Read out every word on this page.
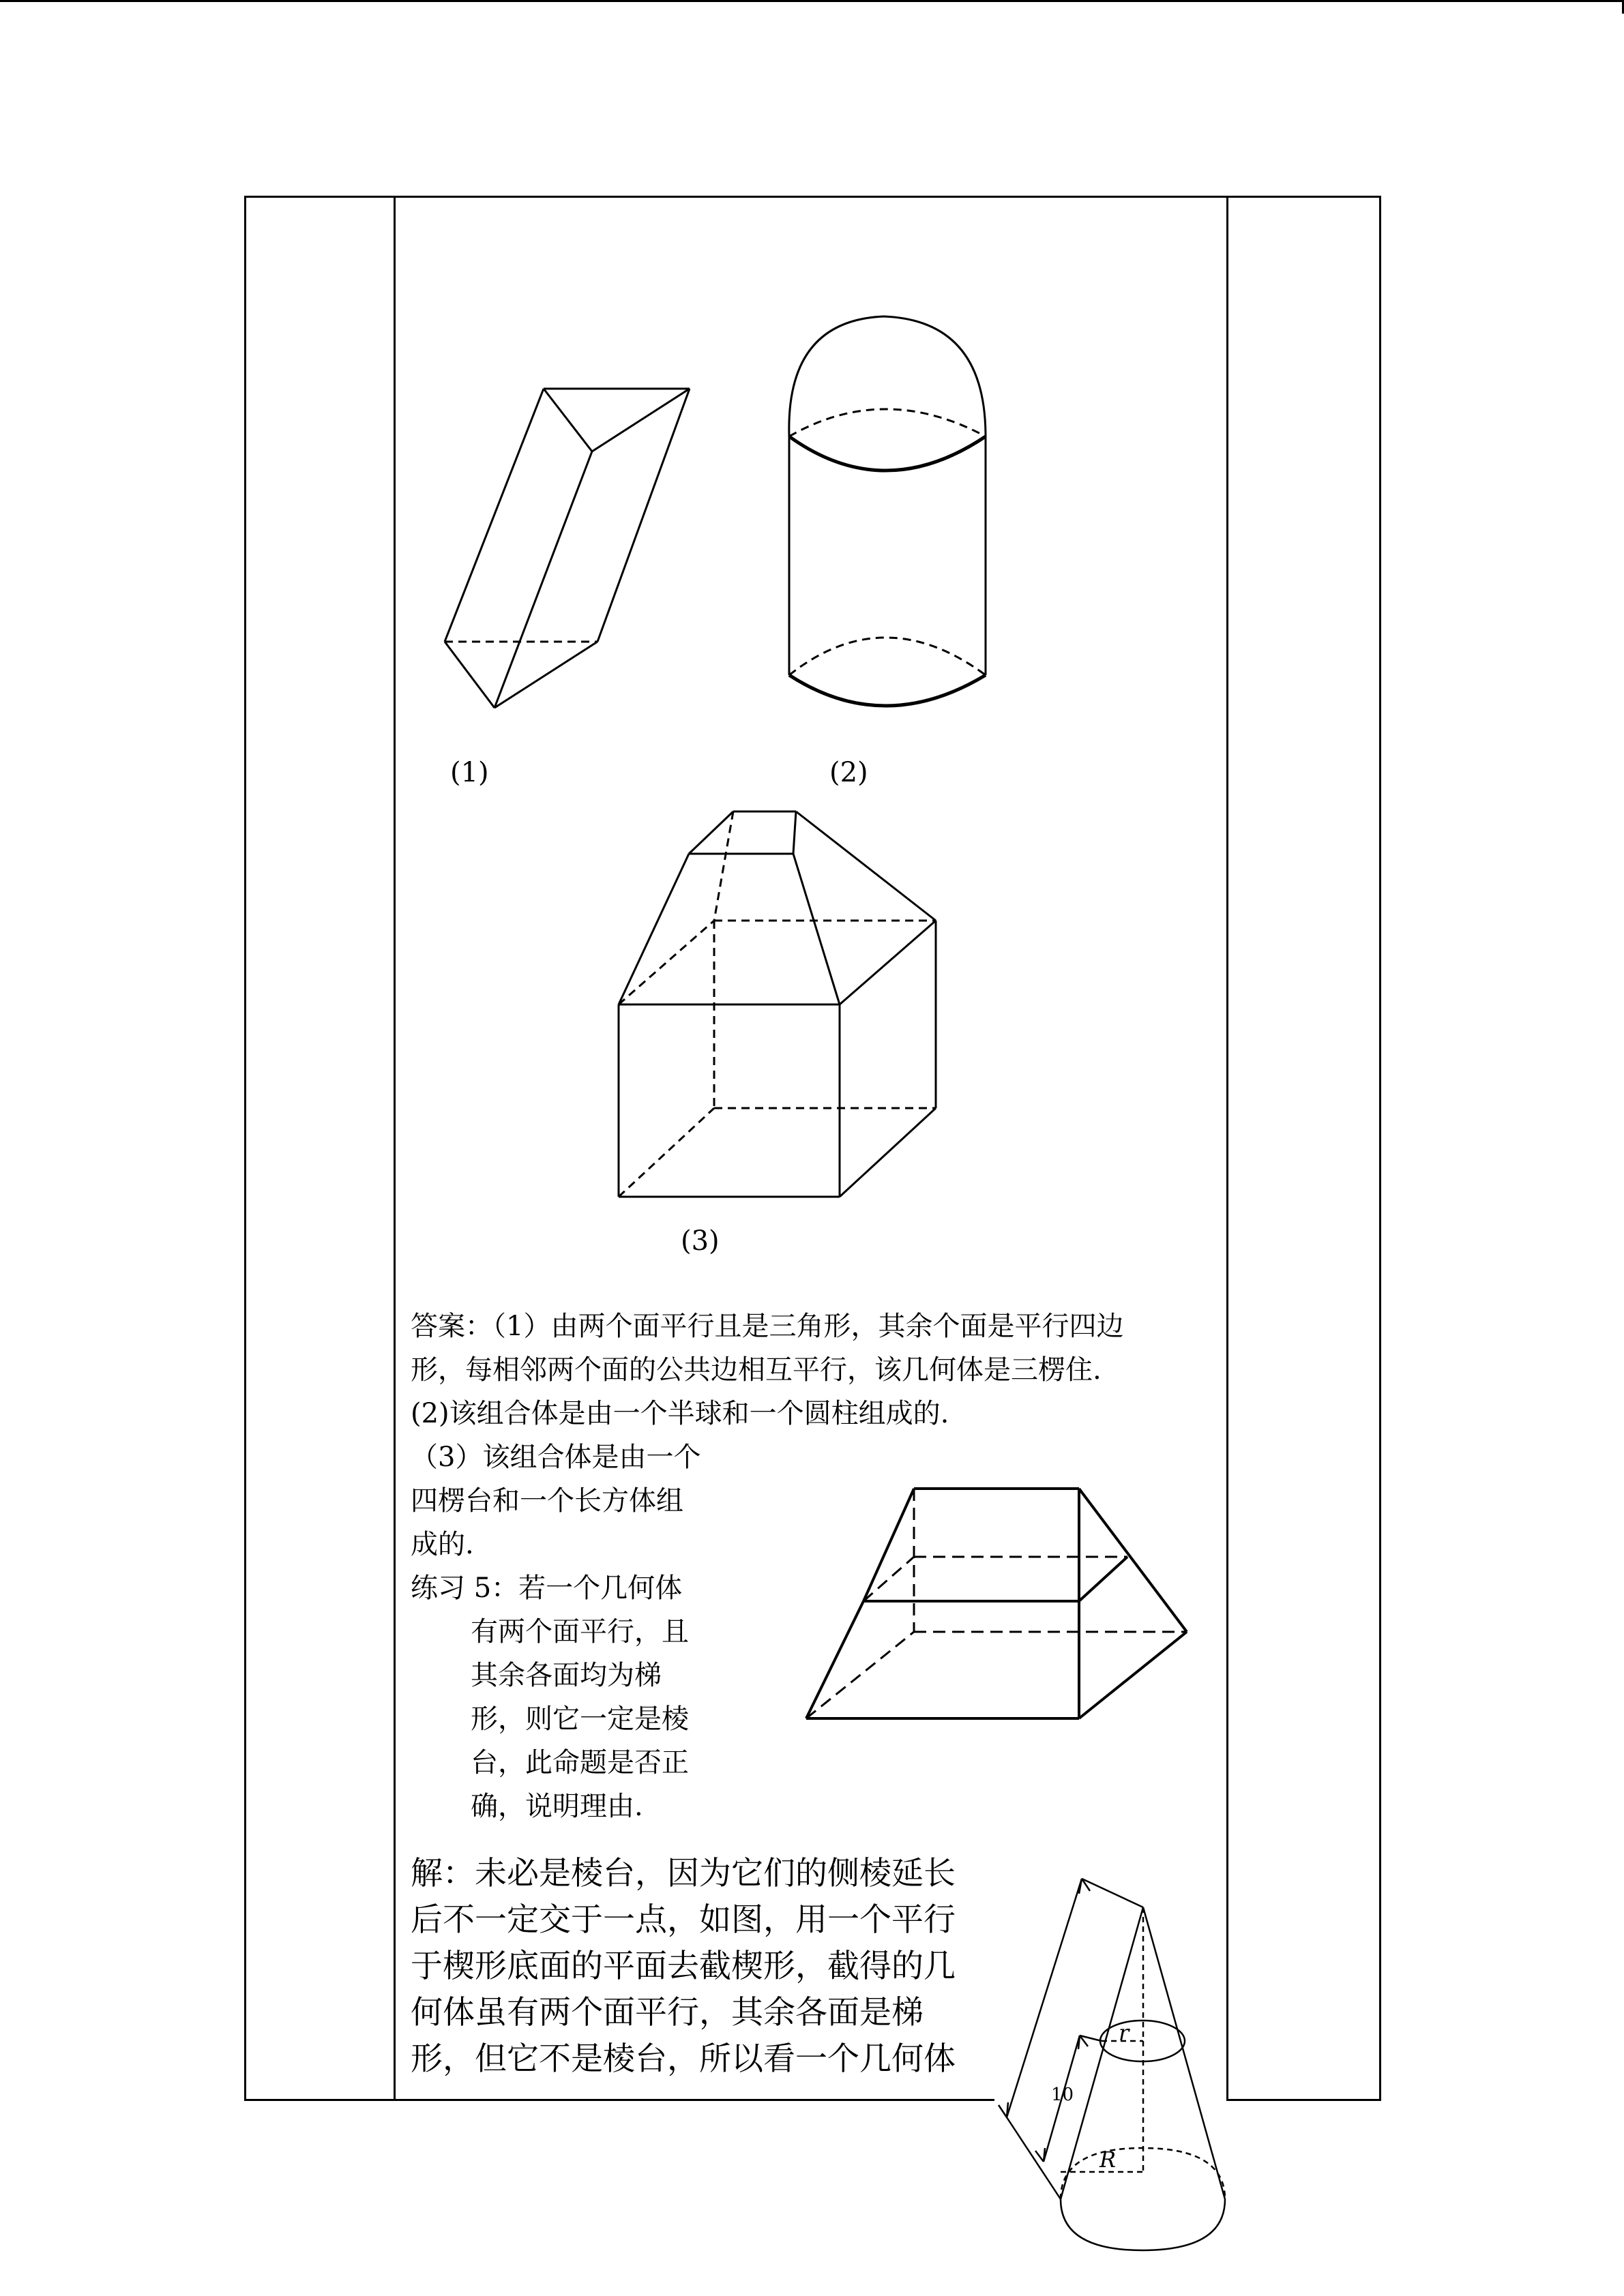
(1)	(2)
(3)
r
R
10
答案：（1）由两个面平行且是三角形，其余个面是平行四边
形，每相邻两个面的公共边相互平行，该几何体是三楞住.
(2)该组合体是由一个半球和一个圆柱组成的.
（3）该组合体是由一个
四楞台和一个长方体组
成的.
练习 5：若一个几何体
有两个面平行，且
其余各面均为梯
形，则它一定是棱
台，此命题是否正
确，说明理由.
解：未必是棱台，因为它们的侧棱延长
后不一定交于一点，如图，用一个平行
于楔形底面的平面去截楔形，截得的几
何体虽有两个面平行，其余各面是梯
形，但它不是棱台，所以看一个几何体
